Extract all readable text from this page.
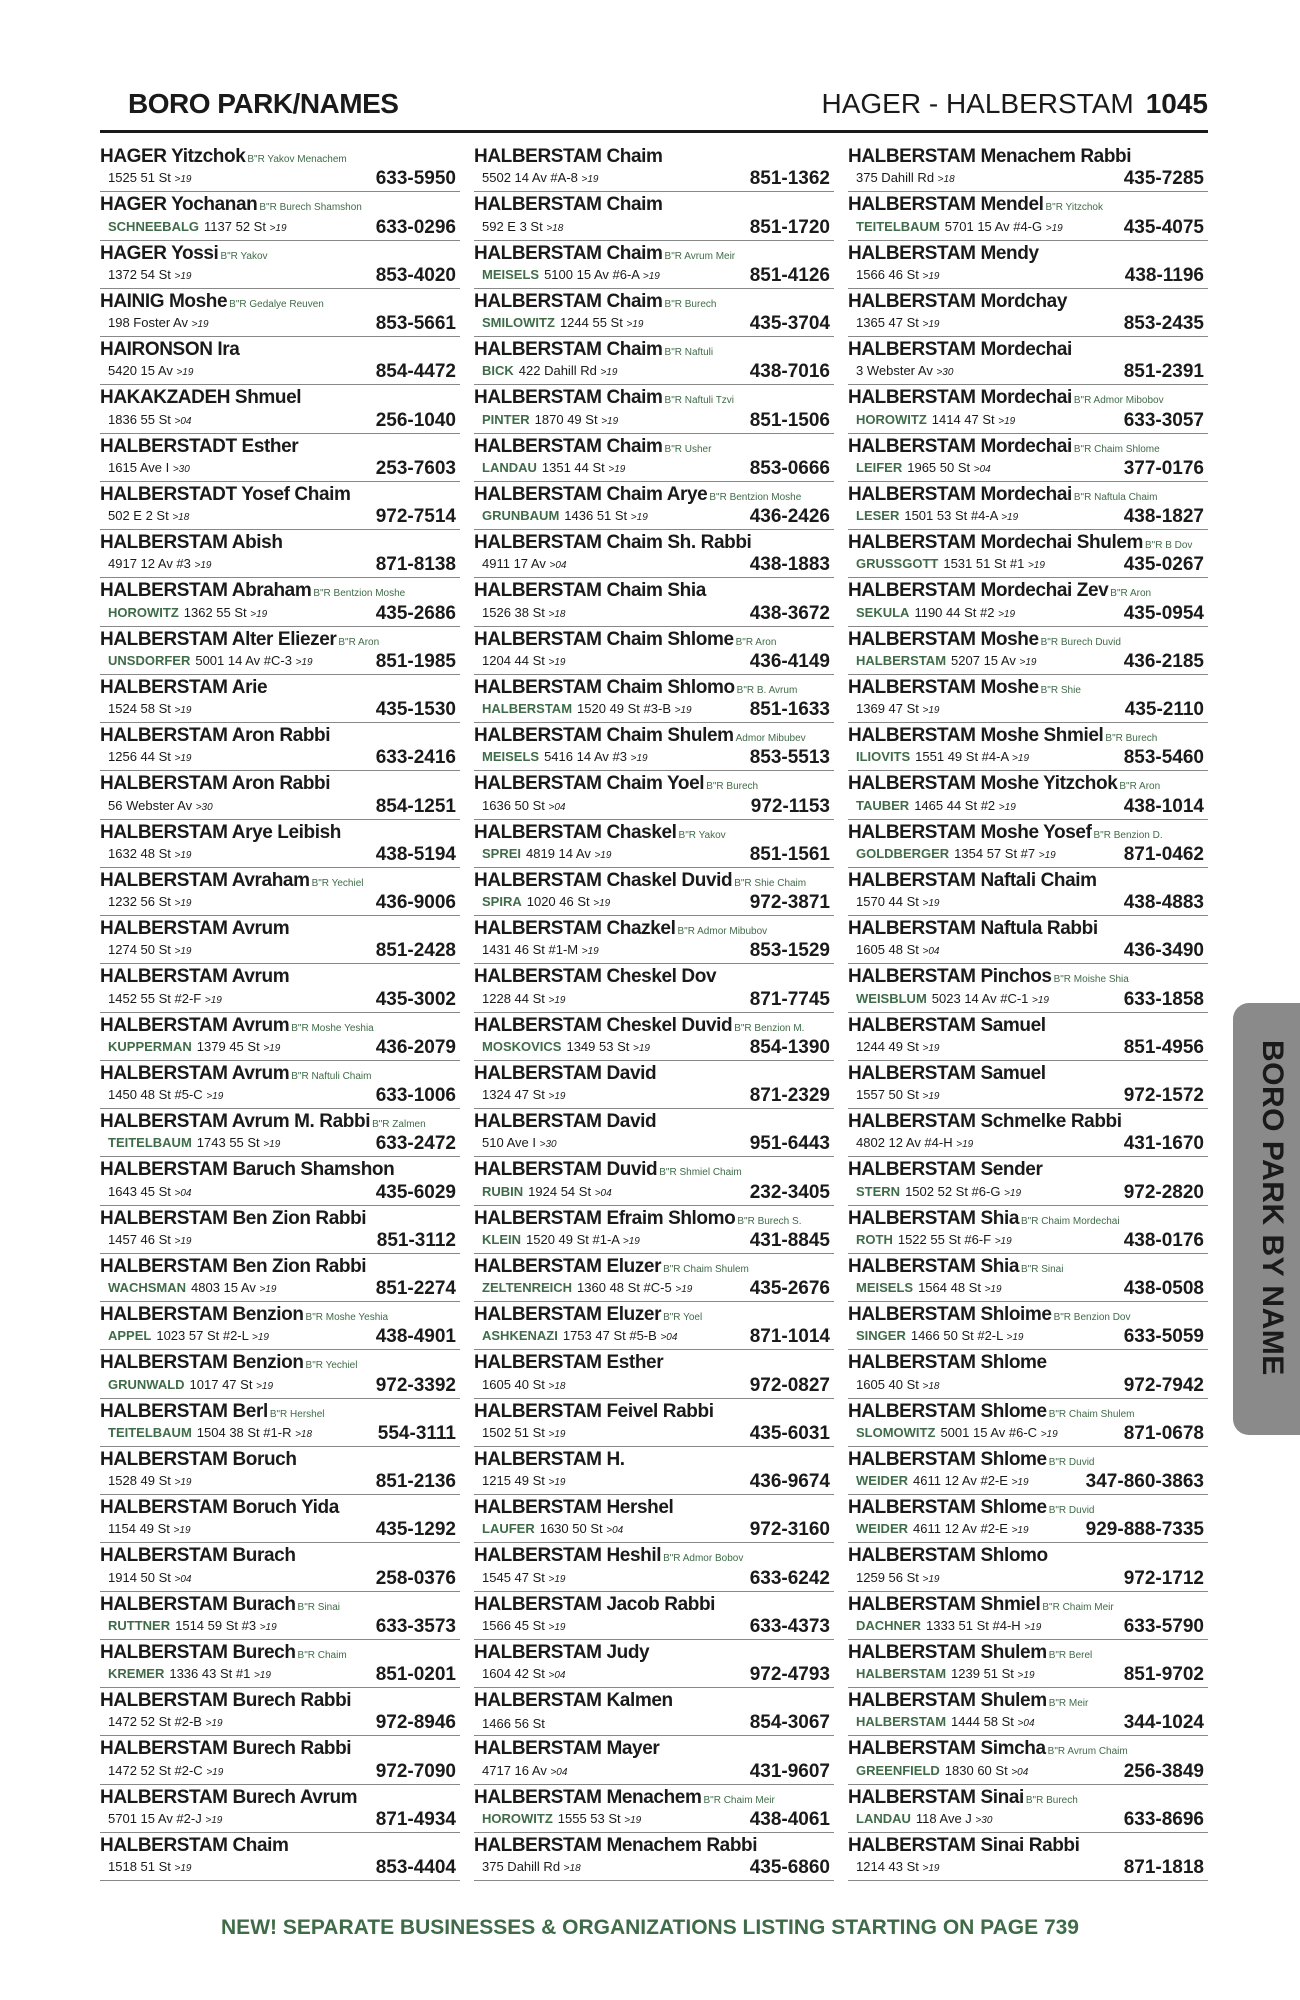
BORO PARK/NAMES	HAGER - HALBERSTAM 1045
HAGER Yitzchok B"R Yakov Menachem
1525 51 St >19	633-5950
HAGER Yochanan B"R Burech Shamshon
SCHNEEBALG 1137 52 St >19	633-0296
HAGER Yossi B"R Yakov
1372 54 St >19	853-4020
HAINIG Moshe B"R Gedalye Reuven
198 Foster Av >19	853-5661
HAIRONSON Ira
5420 15 Av >19	854-4472
HAKAKZADEH Shmuel
1836 55 St >04	256-1040
HALBERSTADT Esther
1615 Ave I >30	253-7603
HALBERSTADT Yosef Chaim
502 E 2 St >18	972-7514
HALBERSTAM Abish
4917 12 Av #3 >19	871-8138
HALBERSTAM Abraham B"R Bentzion Moshe
HOROWITZ 1362 55 St >19	435-2686
HALBERSTAM Alter Eliezer B"R Aron
UNSDORFER 5001 14 Av #C-3 >19	851-1985
HALBERSTAM Arie
1524 58 St >19	435-1530
HALBERSTAM Aron Rabbi
1256 44 St >19	633-2416
HALBERSTAM Aron Rabbi
56 Webster Av >30	854-1251
HALBERSTAM Arye Leibish
1632 48 St >19	438-5194
HALBERSTAM Avraham B"R Yechiel
1232 56 St >19	436-9006
HALBERSTAM Avrum
1274 50 St >19	851-2428
HALBERSTAM Avrum
1452 55 St #2-F >19	435-3002
HALBERSTAM Avrum B"R Moshe Yeshia
KUPPERMAN 1379 45 St >19	436-2079
HALBERSTAM Avrum B"R Naftuli Chaim
1450 48 St #5-C >19	633-1006
HALBERSTAM Avrum M. Rabbi B"R Zalmen
TEITELBAUM 1743 55 St >19	633-2472
HALBERSTAM Baruch Shamshon
1643 45 St >04	435-6029
HALBERSTAM Ben Zion Rabbi
1457 46 St >19	851-3112
HALBERSTAM Ben Zion Rabbi
WACHSMAN 4803 15 Av >19	851-2274
HALBERSTAM Benzion B"R Moshe Yeshia
APPEL 1023 57 St #2-L >19	438-4901
HALBERSTAM Benzion B"R Yechiel
GRUNWALD 1017 47 St >19	972-3392
HALBERSTAM Berl B"R Hershel
TEITELBAUM 1504 38 St #1-R >18	554-3111
HALBERSTAM Boruch
1528 49 St >19	851-2136
HALBERSTAM Boruch Yida
1154 49 St >19	435-1292
HALBERSTAM Burach
1914 50 St >04	258-0376
HALBERSTAM Burach B"R Sinai
RUTTNER 1514 59 St #3 >19	633-3573
HALBERSTAM Burech B"R Chaim
KREMER 1336 43 St #1 >19	851-0201
HALBERSTAM Burech Rabbi
1472 52 St #2-B >19	972-8946
HALBERSTAM Burech Rabbi
1472 52 St #2-C >19	972-7090
HALBERSTAM Burech Avrum
5701 15 Av #2-J >19	871-4934
HALBERSTAM Chaim
1518 51 St >19	853-4404
HALBERSTAM Chaim
5502 14 Av #A-8 >19	851-1362
HALBERSTAM Chaim
592 E 3 St >18	851-1720
HALBERSTAM Chaim B"R Avrum Meir
MEISELS 5100 15 Av #6-A >19	851-4126
HALBERSTAM Chaim B"R Burech
SMILOWITZ 1244 55 St >19	435-3704
HALBERSTAM Chaim B"R Naftuli
BICK 422 Dahill Rd >19	438-7016
HALBERSTAM Chaim B"R Naftuli Tzvi
PINTER 1870 49 St >19	851-1506
HALBERSTAM Chaim B"R Usher
LANDAU 1351 44 St >19	853-0666
HALBERSTAM Chaim Arye B"R Bentzion Moshe
GRUNBAUM 1436 51 St >19	436-2426
HALBERSTAM Chaim Sh. Rabbi
4911 17 Av >04	438-1883
HALBERSTAM Chaim Shia
1526 38 St >18	438-3672
HALBERSTAM Chaim Shlome B"R Aron
1204 44 St >19	436-4149
HALBERSTAM Chaim Shlomo B"R B. Avrum
HALBERSTAM 1520 49 St #3-B >19	851-1633
HALBERSTAM Chaim Shulem Admor Mibubev
MEISELS 5416 14 Av #3 >19	853-5513
HALBERSTAM Chaim Yoel B"R Burech
1636 50 St >04	972-1153
HALBERSTAM Chaskel B"R Yakov
SPREI 4819 14 Av >19	851-1561
HALBERSTAM Chaskel Duvid B"R Shie Chaim
SPIRA 1020 46 St >19	972-3871
HALBERSTAM Chazkel B"R Admor Mibubov
1431 46 St #1-M >19	853-1529
HALBERSTAM Cheskel Dov
1228 44 St >19	871-7745
HALBERSTAM Cheskel Duvid B"R Benzion M.
MOSKOVICS 1349 53 St >19	854-1390
HALBERSTAM David
1324 47 St >19	871-2329
HALBERSTAM David
510 Ave I >30	951-6443
HALBERSTAM Duvid B"R Shmiel Chaim
RUBIN 1924 54 St >04	232-3405
HALBERSTAM Efraim Shlomo B"R Burech S.
KLEIN 1520 49 St #1-A >19	431-8845
HALBERSTAM Eluzer B"R Chaim Shulem
ZELTENREICH 1360 48 St #C-5 >19	435-2676
HALBERSTAM Eluzer B"R Yoel
ASHKENAZI 1753 47 St #5-B >04	871-1014
HALBERSTAM Esther
1605 40 St >18	972-0827
HALBERSTAM Feivel Rabbi
1502 51 St >19	435-6031
HALBERSTAM H.
1215 49 St >19	436-9674
HALBERSTAM Hershel
LAUFER 1630 50 St >04	972-3160
HALBERSTAM Heshil B"R Admor Bobov
1545 47 St >19	633-6242
HALBERSTAM Jacob Rabbi
1566 45 St >19	633-4373
HALBERSTAM Judy
1604 42 St >04	972-4793
HALBERSTAM Kalmen
1466 56 St	854-3067
HALBERSTAM Mayer
4717 16 Av >04	431-9607
HALBERSTAM Menachem B"R Chaim Meir
HOROWITZ 1555 53 St >19	438-4061
HALBERSTAM Menachem Rabbi
375 Dahill Rd >18	435-6860
HALBERSTAM Menachem Rabbi
375 Dahill Rd >18	435-7285
HALBERSTAM Mendel B"R Yitzchok
TEITELBAUM 5701 15 Av #4-G >19	435-4075
HALBERSTAM Mendy
1566 46 St >19	438-1196
HALBERSTAM Mordchay
1365 47 St >19	853-2435
HALBERSTAM Mordechai
3 Webster Av >30	851-2391
HALBERSTAM Mordechai B"R Admor Mibobov
HOROWITZ 1414 47 St >19	633-3057
HALBERSTAM Mordechai B"R Chaim Shlome
LEIFER 1965 50 St >04	377-0176
HALBERSTAM Mordechai B"R Naftula Chaim
LESER 1501 53 St #4-A >19	438-1827
HALBERSTAM Mordechai Shulem B"R B Dov
GRUSSGOTT 1531 51 St #1 >19	435-0267
HALBERSTAM Mordechai Zev B"R Aron
SEKULA 1190 44 St #2 >19	435-0954
HALBERSTAM Moshe B"R Burech Duvid
HALBERSTAM 5207 15 Av >19	436-2185
HALBERSTAM Moshe B"R Shie
1369 47 St >19	435-2110
HALBERSTAM Moshe Shmiel B"R Burech
ILIOVITS 1551 49 St #4-A >19	853-5460
HALBERSTAM Moshe Yitzchok B"R Aron
TAUBER 1465 44 St #2 >19	438-1014
HALBERSTAM Moshe Yosef B"R Benzion D.
GOLDBERGER 1354 57 St #7 >19	871-0462
HALBERSTAM Naftali Chaim
1570 44 St >19	438-4883
HALBERSTAM Naftula Rabbi
1605 48 St >04	436-3490
HALBERSTAM Pinchos B"R Moishe Shia
WEISBLUM 5023 14 Av #C-1 >19	633-1858
HALBERSTAM Samuel
1244 49 St >19	851-4956
HALBERSTAM Samuel
1557 50 St >19	972-1572
HALBERSTAM Schmelke Rabbi
4802 12 Av #4-H >19	431-1670
HALBERSTAM Sender
STERN 1502 52 St #6-G >19	972-2820
HALBERSTAM Shia B"R Chaim Mordechai
ROTH 1522 55 St #6-F >19	438-0176
HALBERSTAM Shia B"R Sinai
MEISELS 1564 48 St >19	438-0508
HALBERSTAM Shloime B"R Benzion Dov
SINGER 1466 50 St #2-L >19	633-5059
HALBERSTAM Shlome
1605 40 St >18	972-7942
HALBERSTAM Shlome B"R Chaim Shulem
SLOMOWITZ 5001 15 Av #6-C >19	871-0678
HALBERSTAM Shlome B"R Duvid
WEIDER 4611 12 Av #2-E >19	347-860-3863
HALBERSTAM Shlome B"R Duvid
WEIDER 4611 12 Av #2-E >19	929-888-7335
HALBERSTAM Shlomo
1259 56 St >19	972-1712
HALBERSTAM Shmiel B"R Chaim Meir
DACHNER 1333 51 St #4-H >19	633-5790
HALBERSTAM Shulem B"R Berel
HALBERSTAM 1239 51 St >19	851-9702
HALBERSTAM Shulem B"R Meir
HALBERSTAM 1444 58 St >04	344-1024
HALBERSTAM Simcha B"R Avrum Chaim
GREENFIELD 1830 60 St >04	256-3849
HALBERSTAM Sinai B"R Burech
LANDAU 118 Ave J >30	633-8696
HALBERSTAM Sinai Rabbi
1214 43 St >19	871-1818
BORO PARK BY NAME
NEW! SEPARATE BUSINESSES & ORGANIZATIONS LISTING STARTING ON PAGE 739
